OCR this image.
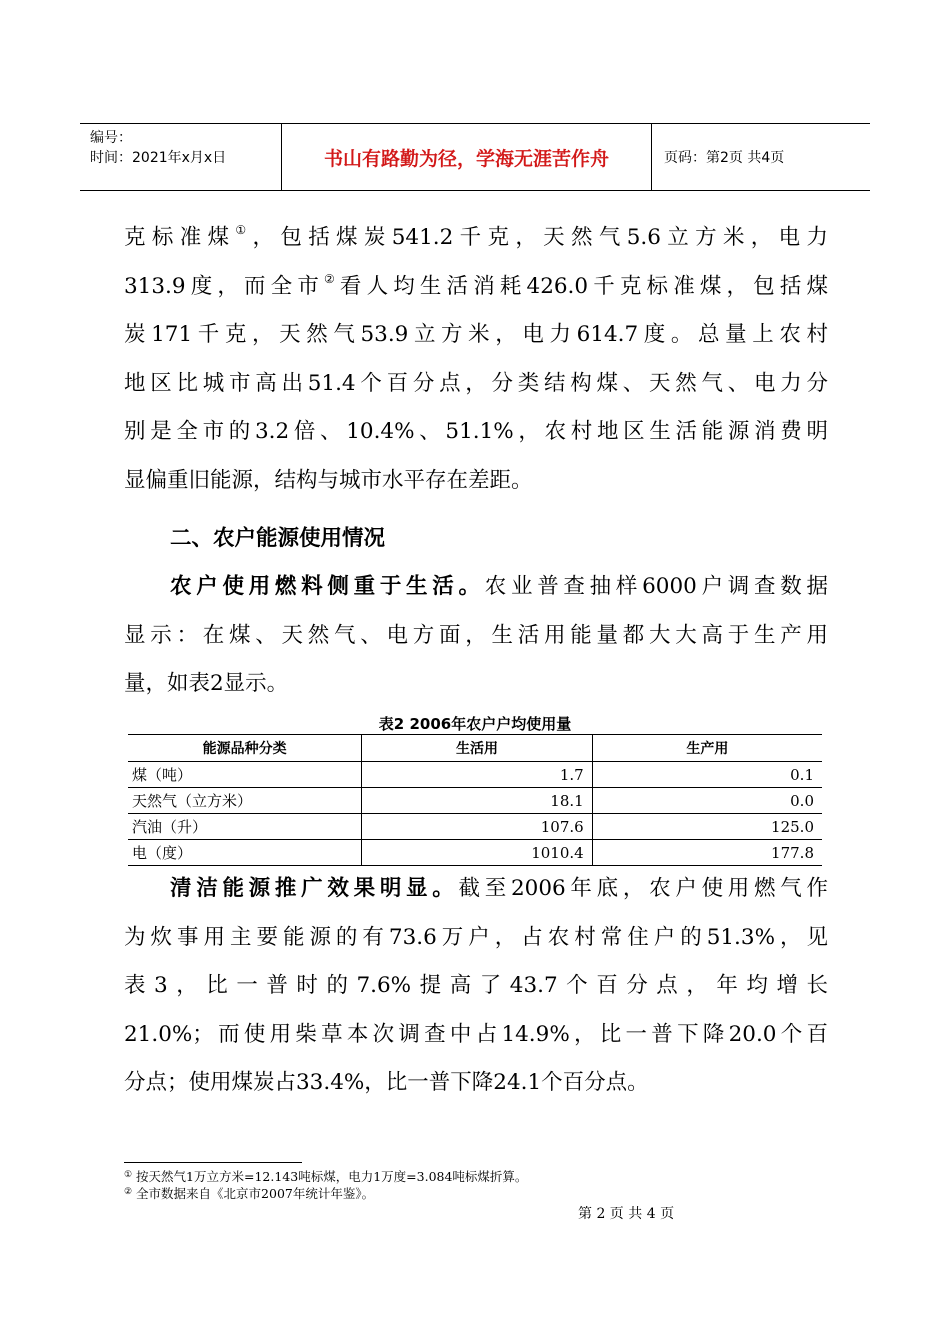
编号：
时间：2021年x月x日	书山有路勤为径，学海无涯苦作舟	页码：第2页 共4页
克标准煤①，包括煤炭541.2千克，天然气5.6立方米，电力
313.9度，而全市②看人均生活消耗426.0千克标准煤，包括煤
炭171千克，天然气53.9立方米，电力614.7度。总量上农村
地区比城市高出51.4个百分点，分类结构煤、天然气、电力分
别是全市的3.2倍、10.4%、51.1%，农村地区生活能源消费明
显偏重旧能源，结构与城市水平存在差距。
二、农户能源使用情况
农户使用燃料侧重于生活。农业普查抽样6000户调查数据
显示：在煤、天然气、电方面，生活用能量都大大高于生产用
量，如表2显示。
表2 2006年农户户均使用量
能源品种分类	生活用	生产用
煤（吨）	1.7	0.1
天然气（立方米）	18.1	0.0
汽油（升）	107.6	125.0
电（度）	1010.4	177.8
清洁能源推广效果明显。截至2006年底，农户使用燃气作
为炊事用主要能源的有73.6万户，占农村常住户的51.3%，见
表3，比一普时的7.6%提高了43.7个百分点，年均增长
21.0%；而使用柴草本次调查中占14.9%，比一普下降20.0个百
分点；使用煤炭占33.4%，比一普下降24.1个百分点。
① 按天然气1万立方米=12.143吨标煤，电力1万度=3.084吨标煤折算。
② 全市数据来自《北京市2007年统计年鉴》。
第 2 页 共 4 页
